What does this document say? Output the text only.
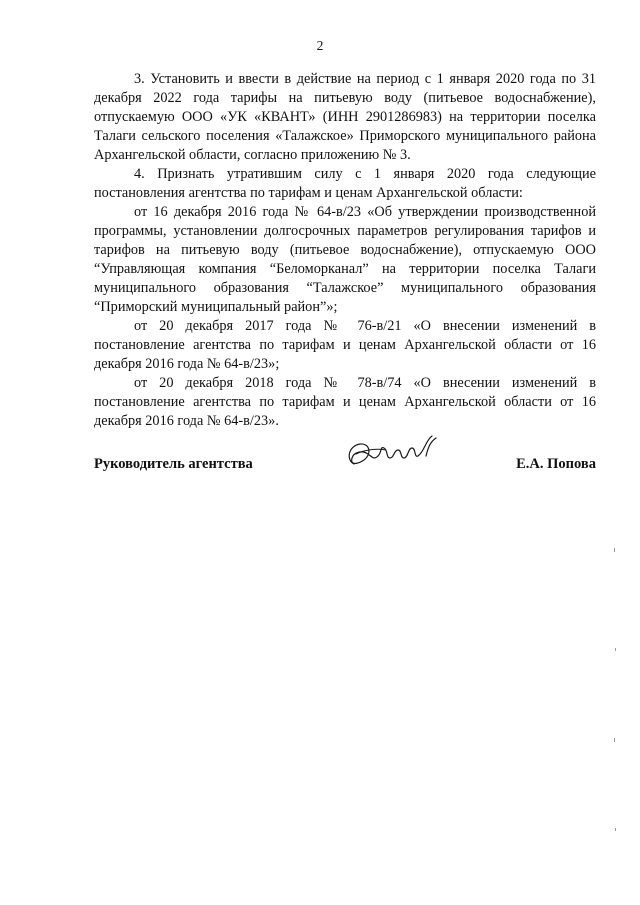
2

3. Установить и ввести в действие на период с 1 января 2020 года по 31 декабря 2022 года тарифы на питьевую воду (питьевое водоснабжение), отпускаемую ООО «УК «КВАНТ» (ИНН 2901286983) на территории поселка Талаги сельского поселения «Талажское» Приморского муниципального района Архангельской области, согласно приложению № 3.

4. Признать утратившим силу с 1 января 2020 года следующие постановления агентства по тарифам и ценам Архангельской области:

от 16 декабря 2016 года № 64-в/23 «Об утверждении производственной программы, установлении долгосрочных параметров регулирования тарифов и тарифов на питьевую воду (питьевое водоснабжение), отпускаемую ООО “Управляющая компания “Беломорканал” на территории поселка Талаги муниципального образования “Талажское” муниципального образования “Приморский муниципальный район”»;

от 20 декабря 2017 года № 76-в/21 «О внесении изменений в постановление агентства по тарифам и ценам Архангельской области от 16 декабря 2016 года № 64-в/23»;

от 20 декабря 2018 года № 78-в/74 «О внесении изменений в постановление агентства по тарифам и ценам Архангельской области от 16 декабря 2016 года № 64-в/23».

Руководитель агентства	Е.А. Попова
